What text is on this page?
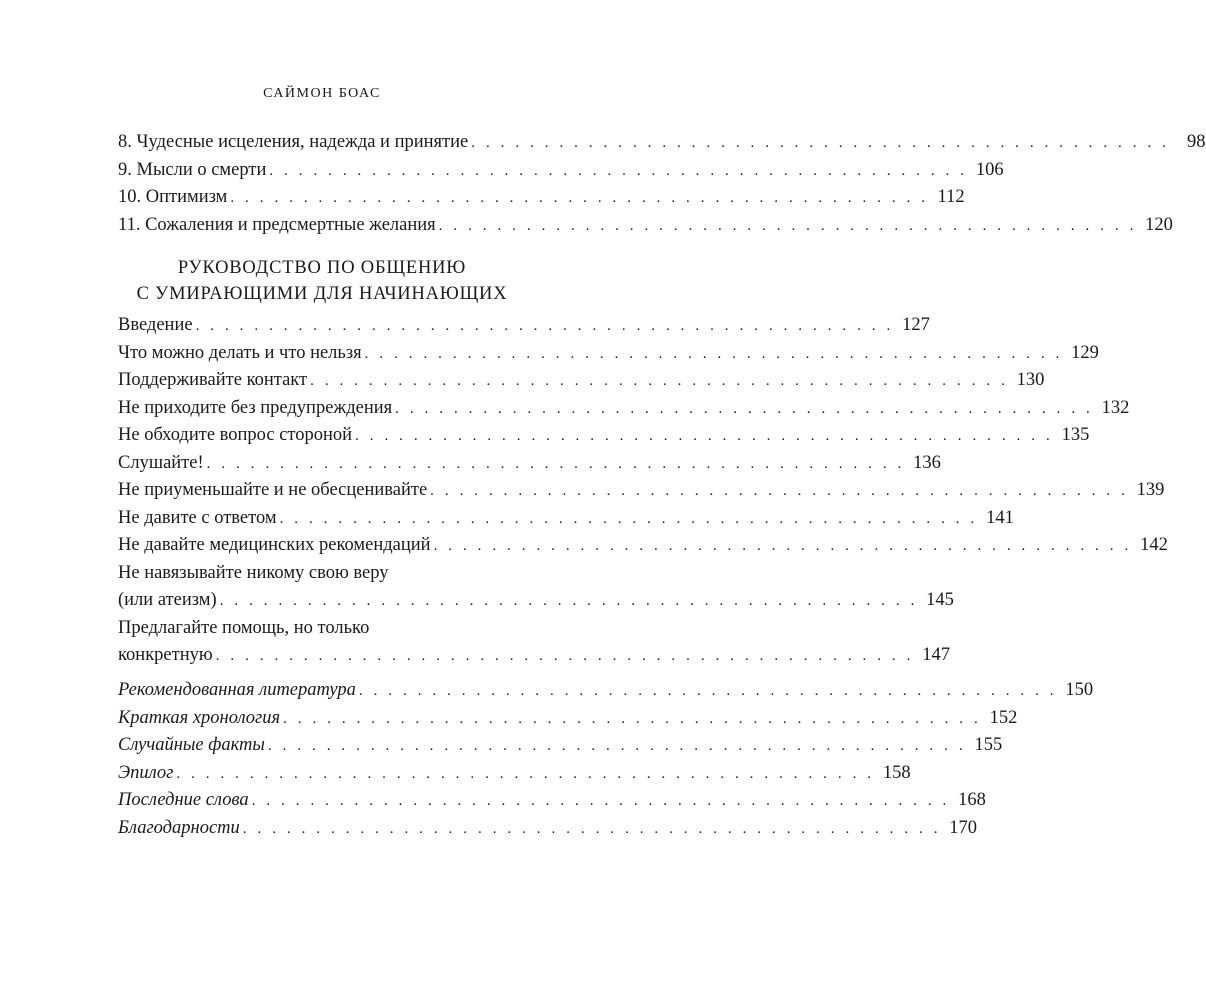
САЙМОН БОАС
8. Чудесные исцеления, надежда и принятие . . . . . . . . . . . . . . . . . . . . . . . . . . . . . . . . . . . . . . . . . . . . . . . . 98
9. Мысли о смерти . . . . . . . . . . . . . . . . . . . . . . . . . . . . . . . . . . . . . . . . . . . . . . . . 106
10. Оптимизм . . . . . . . . . . . . . . . . . . . . . . . . . . . . . . . . . . . . . . . . . . . . . . . . 112
11. Сожаления и предсмертные желания . . . . . . . . . . . . . . . . . . . . . . . . . . . . . . . . . . . . . . . . . . . . . . . . 120
РУКОВОДСТВО ПО ОБЩЕНИЮ
С УМИРАЮЩИМИ ДЛЯ НАЧИНАЮЩИХ
Введение . . . . . . . . . . . . . . . . . . . . . . . . . . . . . . . . . . . . . . . . . . . . . . . . 127
Что можно делать и что нельзя . . . . . . . . . . . . . . . . . . . . . . . . . . . . . . . . . . . . . . . . . . . . . . . . 129
Поддерживайте контакт . . . . . . . . . . . . . . . . . . . . . . . . . . . . . . . . . . . . . . . . . . . . . . . . 130
Не приходите без предупреждения . . . . . . . . . . . . . . . . . . . . . . . . . . . . . . . . . . . . . . . . . . . . . . . . 132
Не обходите вопрос стороной . . . . . . . . . . . . . . . . . . . . . . . . . . . . . . . . . . . . . . . . . . . . . . . . 135
Слушайте! . . . . . . . . . . . . . . . . . . . . . . . . . . . . . . . . . . . . . . . . . . . . . . . . 136
Не приуменьшайте и не обесценивайте . . . . . . . . . . . . . . . . . . . . . . . . . . . . . . . . . . . . . . . . . . . . . . . . 139
Не давите с ответом . . . . . . . . . . . . . . . . . . . . . . . . . . . . . . . . . . . . . . . . . . . . . . . . 141
Не давайте медицинских рекомендаций . . . . . . . . . . . . . . . . . . . . . . . . . . . . . . . . . . . . . . . . . . . . . . . . 142
Не навязывайте никому свою веру
(или атеизм) . . . . . . . . . . . . . . . . . . . . . . . . . . . . . . . . . . . . . . . . . . . . . . . . 145
Предлагайте помощь, но только
конкретную . . . . . . . . . . . . . . . . . . . . . . . . . . . . . . . . . . . . . . . . . . . . . . . . 147
Рекомендованная литература . . . . . . . . . . . . . . . . . . . . . . . . . . . . . . . . . . . . . . . . . . . . . . . . 150
Краткая хронология . . . . . . . . . . . . . . . . . . . . . . . . . . . . . . . . . . . . . . . . . . . . . . . . 152
Случайные факты . . . . . . . . . . . . . . . . . . . . . . . . . . . . . . . . . . . . . . . . . . . . . . . . 155
Эпилог . . . . . . . . . . . . . . . . . . . . . . . . . . . . . . . . . . . . . . . . . . . . . . . . 158
Последние слова . . . . . . . . . . . . . . . . . . . . . . . . . . . . . . . . . . . . . . . . . . . . . . . . 168
Благодарности . . . . . . . . . . . . . . . . . . . . . . . . . . . . . . . . . . . . . . . . . . . . . . . . 170
